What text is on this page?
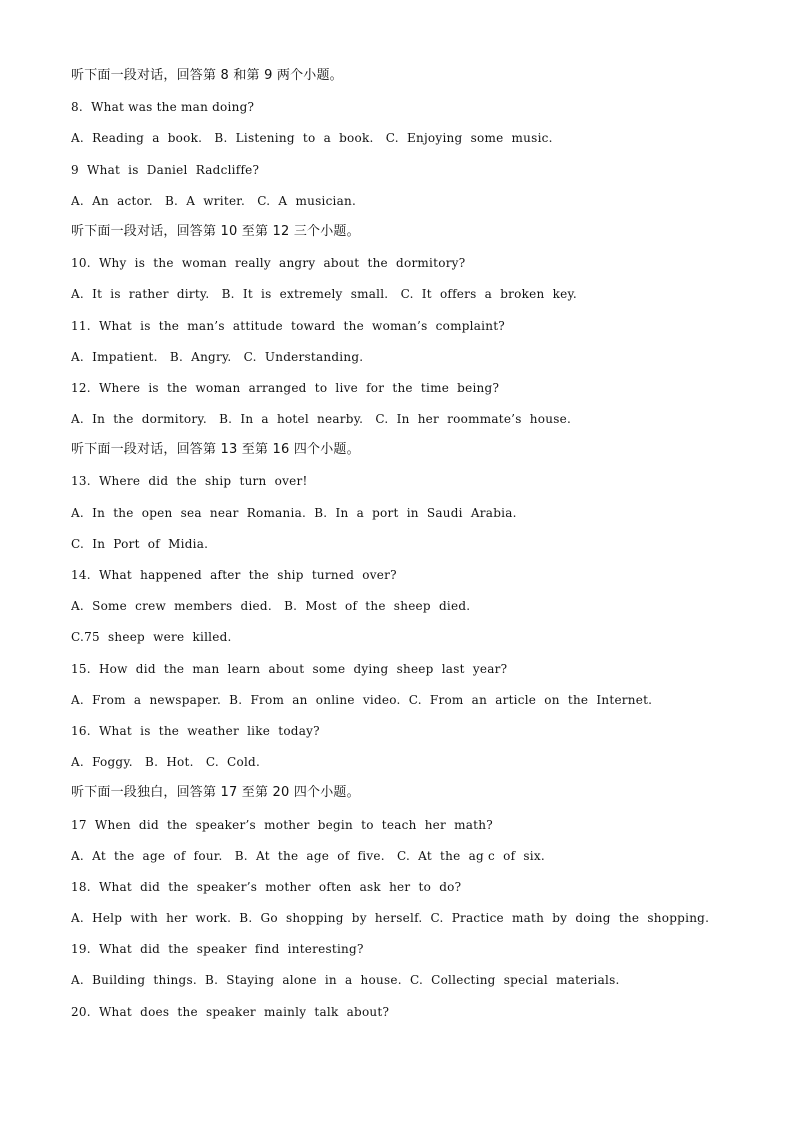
听下面一段对话，回答第 8 和第 9 两个小题。
8.  What was the man doing?
A.  Reading  a  book.   B.  Listening  to  a  book.   C.  Enjoying  some  music.
9  What  is  Daniel  Radcliffe?
A.  An  actor.   B.  A  writer.   C.  A  musician.
听下面一段对话，回答第 10 至第 12 三个小题。
10.  Why  is  the  woman  really  angry  about  the  dormitory?
A.  It  is  rather  dirty.   B.  It  is  extremely  small.   C.  It  offers  a  broken  key.
11.  What  is  the  man’s  attitude  toward  the  woman’s  complaint?
A.  Impatient.   B.  Angry.   C.  Understanding.
12.  Where  is  the  woman  arranged  to  live  for  the  time  being?
A.  In  the  dormitory.   B.  In  a  hotel  nearby.   C.  In  her  roommate’s  house.
听下面一段对话，回答第 13 至第 16 四个小题。
13.  Where  did  the  ship  turn  over!
A.  In  the  open  sea  near  Romania.  B.  In  a  port  in  Saudi  Arabia.
C.  In  Port  of  Midia.
14.  What  happened  after  the  ship  turned  over?
A.  Some  crew  members  died.   B.  Most  of  the  sheep  died.
C.75  sheep  were  killed.
15.  How  did  the  man  learn  about  some  dying  sheep  last  year?
A.  From  a  newspaper.  B.  From  an  online  video.  C.  From  an  article  on  the  Internet.
16.  What  is  the  weather  like  today?
A.  Foggy.   B.  Hot.   C.  Cold.
听下面一段独白，回答第 17 至第 20 四个小题。
17  When  did  the  speaker’s  mother  begin  to  teach  her  math?
A.  At  the  age  of  four.   B.  At  the  age  of  five.   C.  At  the  ag c  of  six.
18.  What  did  the  speaker’s  mother  often  ask  her  to  do?
A.  Help  with  her  work.  B.  Go  shopping  by  herself.  C.  Practice  math  by  doing  the  shopping.
19.  What  did  the  speaker  find  interesting?
A.  Building  things.  B.  Staying  alone  in  a  house.  C.  Collecting  special  materials.
20.  What  does  the  speaker  mainly  talk  about?
